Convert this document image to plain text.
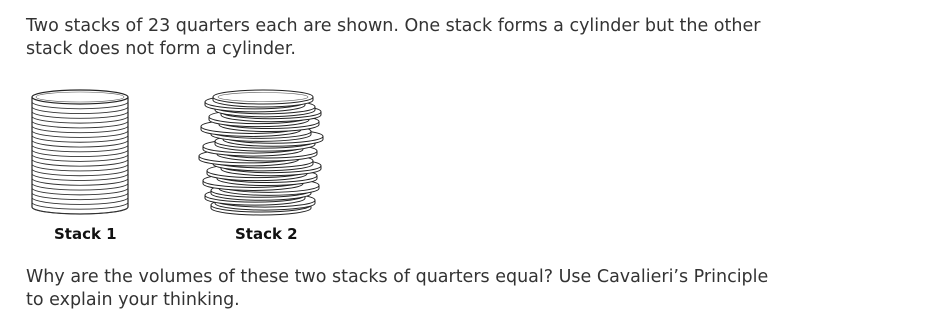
Two stacks of 23 quarters each are shown. One stack forms a cylinder but the other stack does not form a cylinder.

Stack 1	Stack 2

Why are the volumes of these two stacks of quarters equal? Use Cavalieri’s Principle to explain your thinking.
